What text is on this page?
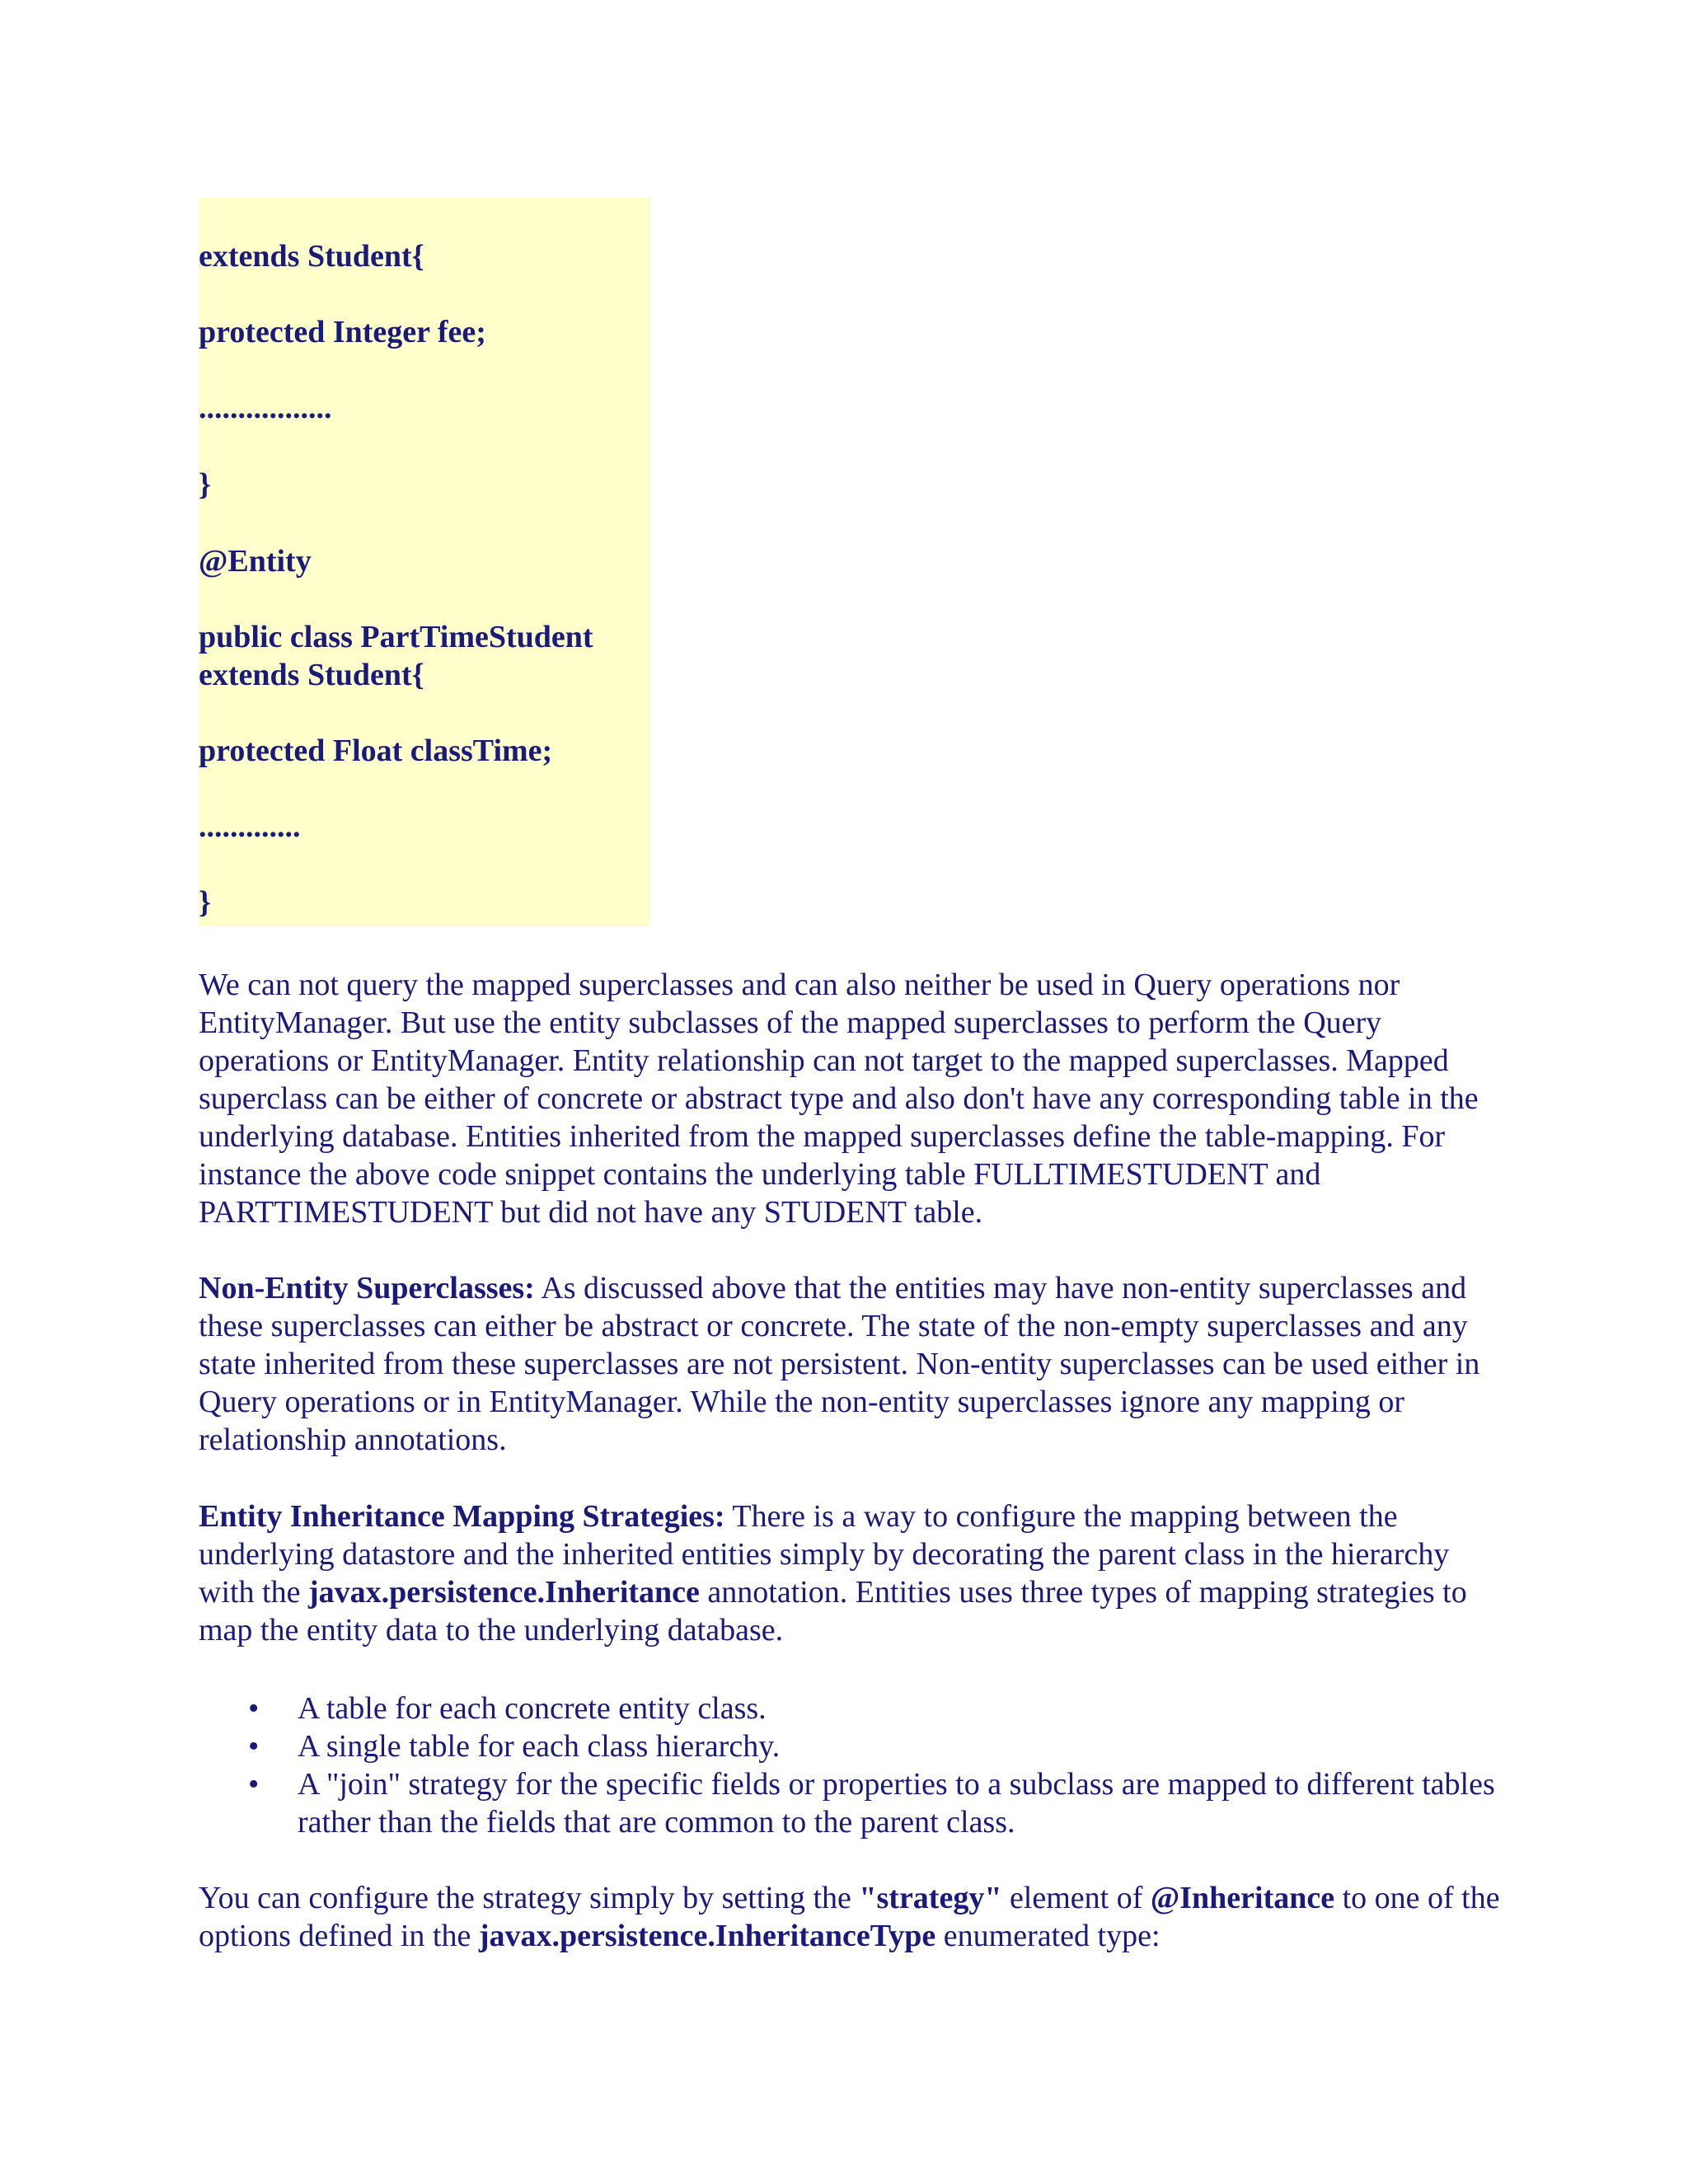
extends Student{
protected Integer fee;
.................
}
@Entity
public class PartTimeStudent
extends Student{
protected Float classTime;
.............
}

We can not query the mapped superclasses and can also neither be used in Query operations nor EntityManager. But use the entity subclasses of the mapped superclasses to perform the Query operations or EntityManager. Entity relationship can not target to the mapped superclasses. Mapped superclass can be either of concrete or abstract type and also don't have any corresponding table in the underlying database. Entities inherited from the mapped superclasses define the table-mapping. For instance the above code snippet contains the underlying table FULLTIMESTUDENT and PARTTIMESTUDENT but did not have any STUDENT table.

Non-Entity Superclasses: As discussed above that the entities may have non-entity superclasses and these superclasses can either be abstract or concrete. The state of the non-empty superclasses and any state inherited from these superclasses are not persistent. Non-entity superclasses can be used either in Query operations or in EntityManager. While the non-entity superclasses ignore any mapping or relationship annotations.

Entity Inheritance Mapping Strategies: There is a way to configure the mapping between the underlying datastore and the inherited entities simply by decorating the parent class in the hierarchy with the javax.persistence.Inheritance annotation. Entities uses three types of mapping strategies to map the entity data to the underlying database.

• A table for each concrete entity class.
• A single table for each class hierarchy.
• A "join" strategy for the specific fields or properties to a subclass are mapped to different tables rather than the fields that are common to the parent class.

You can configure the strategy simply by setting the "strategy" element of @Inheritance to one of the options defined in the javax.persistence.InheritanceType enumerated type:
